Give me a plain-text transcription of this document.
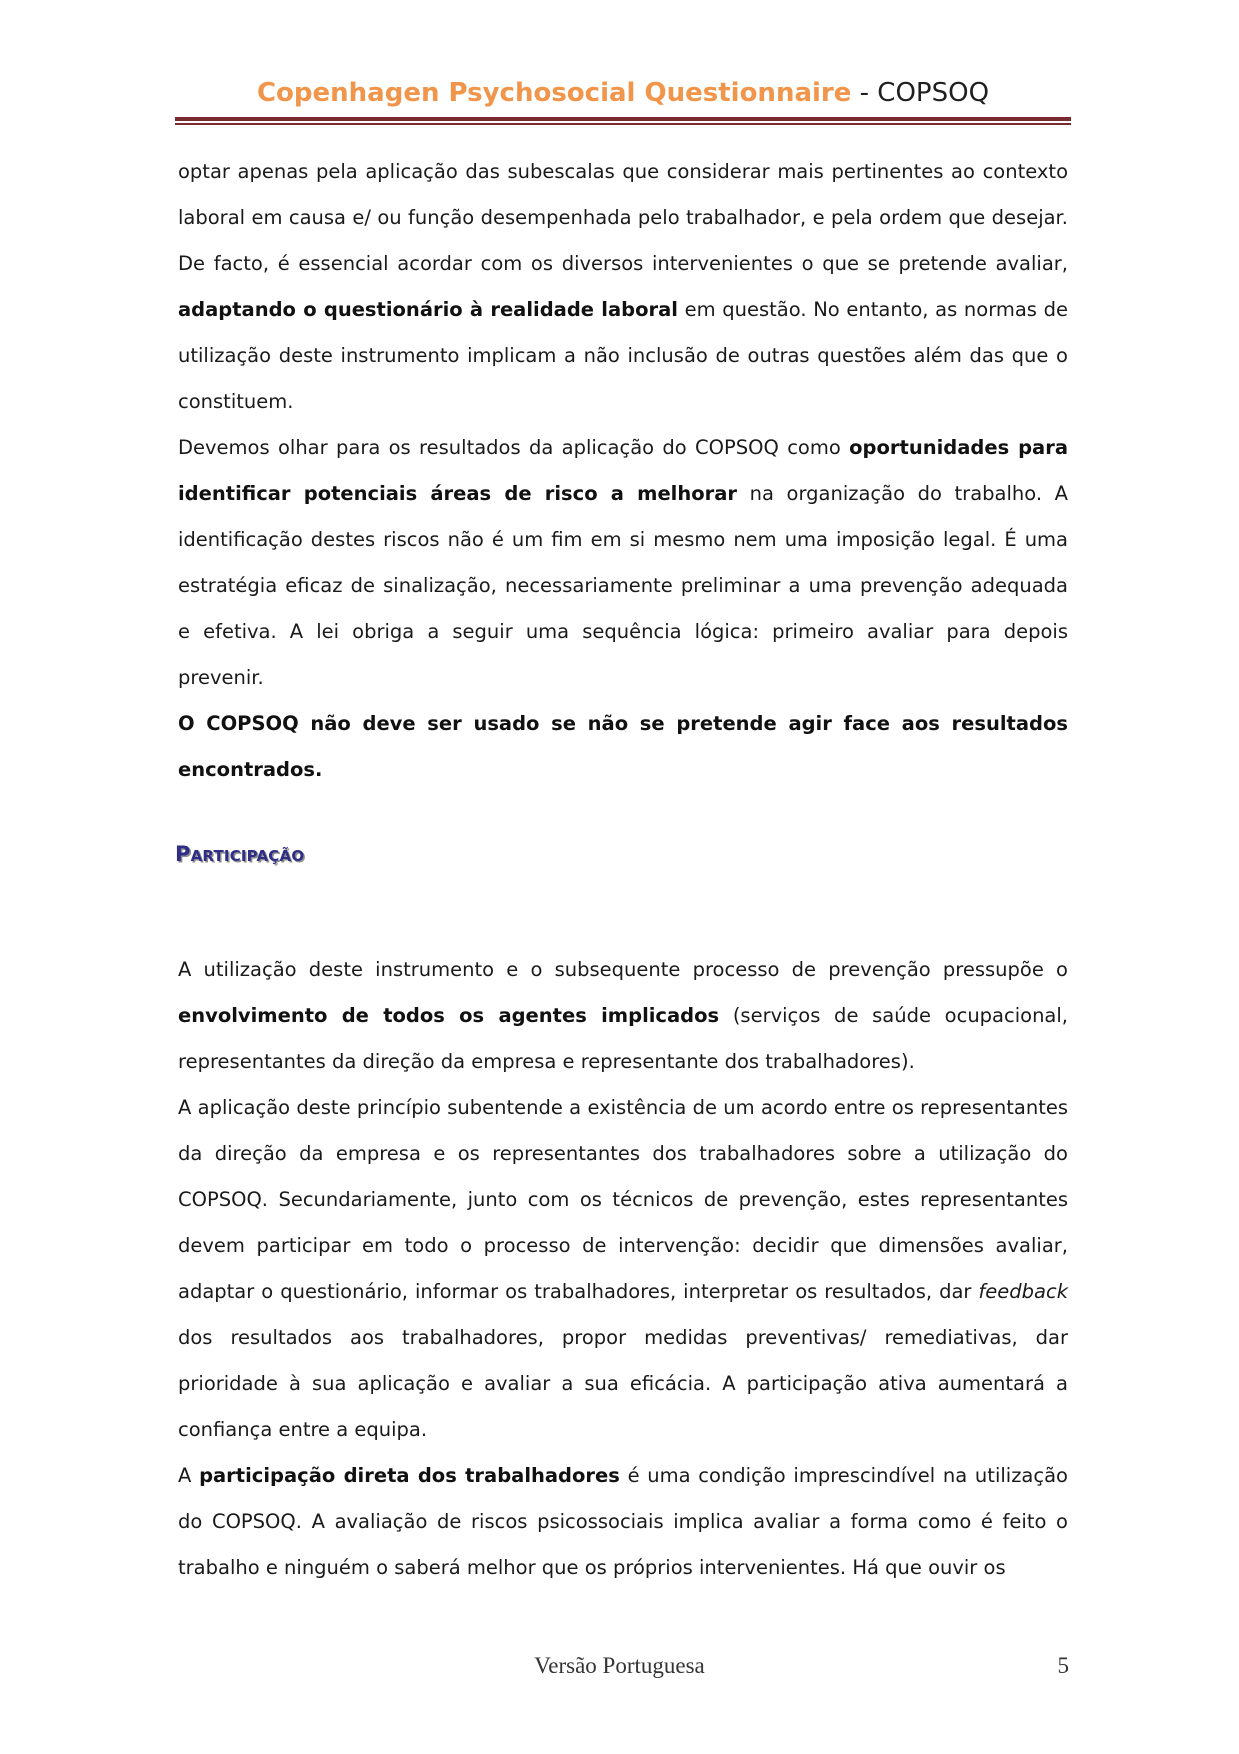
Copenhagen Psychosocial Questionnaire - COPSOQ
optar apenas pela aplicação das subescalas que considerar mais pertinentes ao contexto laboral em causa e/ ou função desempenhada pelo trabalhador, e pela ordem que desejar. De facto, é essencial acordar com os diversos intervenientes o que se pretende avaliar, adaptando o questionário à realidade laboral em questão. No entanto, as normas de utilização deste instrumento implicam a não inclusão de outras questões além das que o constituem.
Devemos olhar para os resultados da aplicação do COPSOQ como oportunidades para identificar potenciais áreas de risco a melhorar na organização do trabalho. A identificação destes riscos não é um fim em si mesmo nem uma imposição legal. É uma estratégia eficaz de sinalização, necessariamente preliminar a uma prevenção adequada e efetiva. A lei obriga a seguir uma sequência lógica: primeiro avaliar para depois prevenir.
O COPSOQ não deve ser usado se não se pretende agir face aos resultados encontrados.
Participação
A utilização deste instrumento e o subsequente processo de prevenção pressupõe o envolvimento de todos os agentes implicados (serviços de saúde ocupacional, representantes da direção da empresa e representante dos trabalhadores).
A aplicação deste princípio subentende a existência de um acordo entre os representantes da direção da empresa e os representantes dos trabalhadores sobre a utilização do COPSOQ. Secundariamente, junto com os técnicos de prevenção, estes representantes devem participar em todo o processo de intervenção: decidir que dimensões avaliar, adaptar o questionário, informar os trabalhadores, interpretar os resultados, dar feedback dos resultados aos trabalhadores, propor medidas preventivas/ remediativas, dar prioridade à sua aplicação e avaliar a sua eficácia. A participação ativa aumentará a confiança entre a equipa.
A participação direta dos trabalhadores é uma condição imprescindível na utilização do COPSOQ. A avaliação de riscos psicossociais implica avaliar a forma como é feito o trabalho e ninguém o saberá melhor que os próprios intervenientes. Há que ouvir os
Versão Portuguesa	5
